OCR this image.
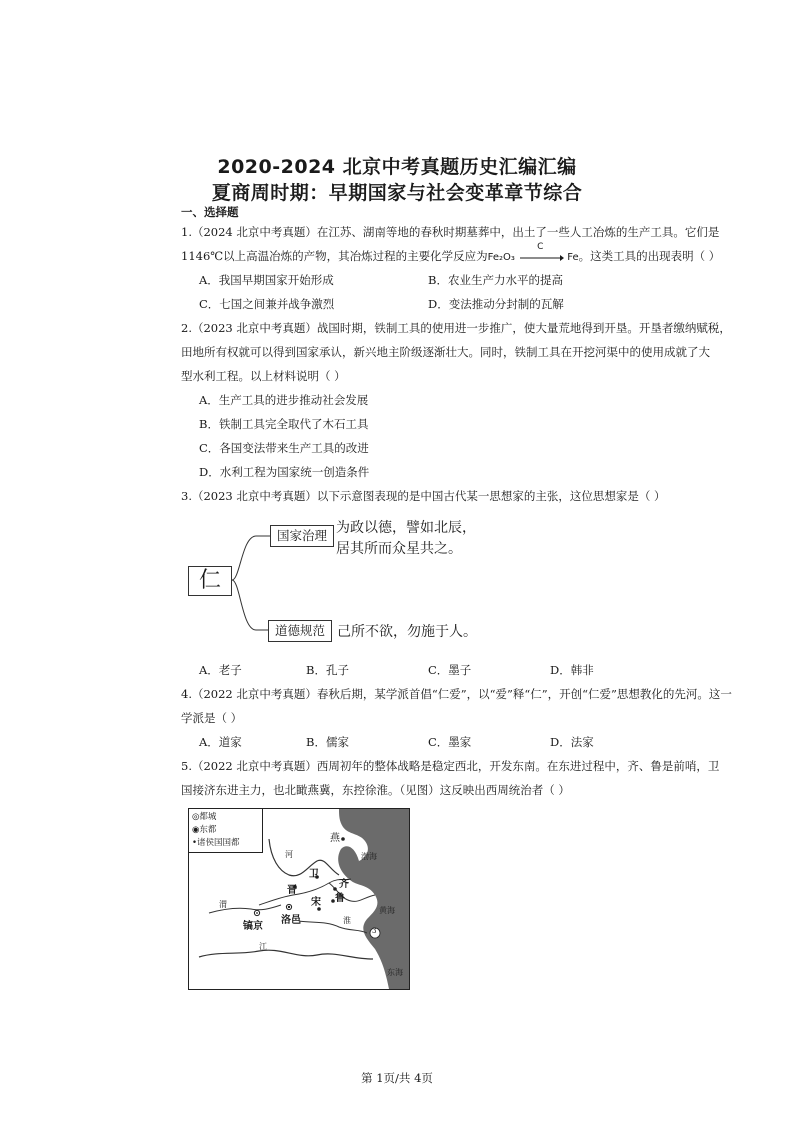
2020-2024 北京中考真题历史汇编汇编
夏商周时期：早期国家与社会变革章节综合
一、选择题
1.（2024 北京中考真题）在江苏、湖南等地的春秋时期墓葬中，出土了一些人工冶炼的生产工具。它们是
1146℃以上高温冶炼的产物，其冶炼过程的主要化学反应为Fe₂O₃
C
Fe。这类工具的出现表明（ ）
A．我国早期国家开始形成	B．农业生产力水平的提高
C．七国之间兼并战争激烈	D．变法推动分封制的瓦解
2.（2023 北京中考真题）战国时期，铁制工具的使用进一步推广，使大量荒地得到开垦。开垦者缴纳赋税，
田地所有权就可以得到国家承认，新兴地主阶级逐渐壮大。同时，铁制工具在开挖河渠中的使用成就了大
型水利工程。以上材料说明（ ）
A．生产工具的进步推动社会发展
B．铁制工具完全取代了木石工具
C．各国变法带来生产工具的改进
D．水利工程为国家统一创造条件
3.（2023 北京中考真题）以下示意图表现的是中国古代某一思想家的主张，这位思想家是（ ）
仁
国家治理 为政以德，譬如北辰，
居其所而众星共之。
道德规范 己所不欲，勿施于人。
A．老子	B．孔子	C．墨子	D．韩非
4.（2022 北京中考真题）春秋后期，某学派首倡“仁爱”，以“爱”释“仁”，开创“仁爱”思想教化的先河。这一
学派是（ ）
A．道家	B．儒家	C．墨家	D．法家
5.（2022 北京中考真题）西周初年的整体战略是稳定西北，开发东南。在东进过程中，齐、鲁是前哨，卫
国接济东进主力，也北瞰燕冀，东控徐淮。（见图）这反映出西周统治者（ ）
◎都城
◉东都
•诸侯国国都	燕
晋
卫
齐
鲁
宋
洛邑
镐京
河
淮
江
渭
渤海
黄海
东海
3
第 1页/共 4页
